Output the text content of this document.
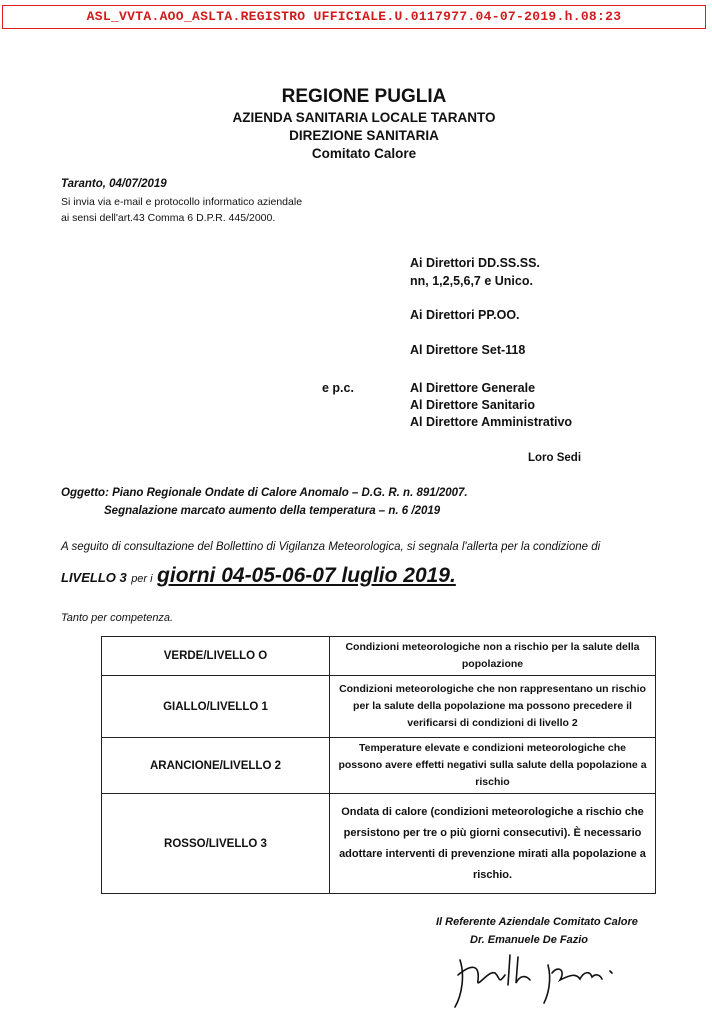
ASL_VVTA.AOO_ASLTA.REGISTRO UFFICIALE.U.0117977.04-07-2019.h.08:23
REGIONE PUGLIA
AZIENDA SANITARIA LOCALE TARANTO
DIREZIONE SANITARIA
Comitato Calore
Taranto, 04/07/2019
Si invia via e-mail e protocollo informatico aziendale
ai sensi dell'art.43 Comma 6 D.P.R. 445/2000.
Ai Direttori DD.SS.SS.
nn, 1,2,5,6,7 e Unico.
Ai Direttori PP.OO.
Al Direttore Set-118
e p.c.	Al Direttore Generale
Al Direttore Sanitario
Al Direttore Amministrativo
Loro Sedi
Oggetto: Piano Regionale Ondate di Calore Anomalo – D.G. R. n. 891/2007.
Segnalazione marcato aumento della temperatura – n. 6 /2019
A seguito di consultazione del Bollettino di Vigilanza Meteorologica, si segnala l'allerta per la condizione di
LIVELLO 3 per i giorni 04-05-06-07 luglio 2019.
Tanto per competenza.
VERDE/LIVELLO O	Condizioni meteorologiche non a rischio per la salute della popolazione
GIALLO/LIVELLO 1	Condizioni meteorologiche che non rappresentano un rischio per la salute della popolazione ma possono precedere il verificarsi di condizioni di livello 2
ARANCIONE/LIVELLO 2	Temperature elevate e condizioni meteorologiche che possono avere effetti negativi sulla salute della popolazione a rischio
ROSSO/LIVELLO 3	Ondata di calore (condizioni meteorologiche a rischio che persistono per tre o più giorni consecutivi). È necessario adottare interventi di prevenzione mirati alla popolazione a rischio.
Il Referente Aziendale Comitato Calore
Dr. Emanuele De Fazio
